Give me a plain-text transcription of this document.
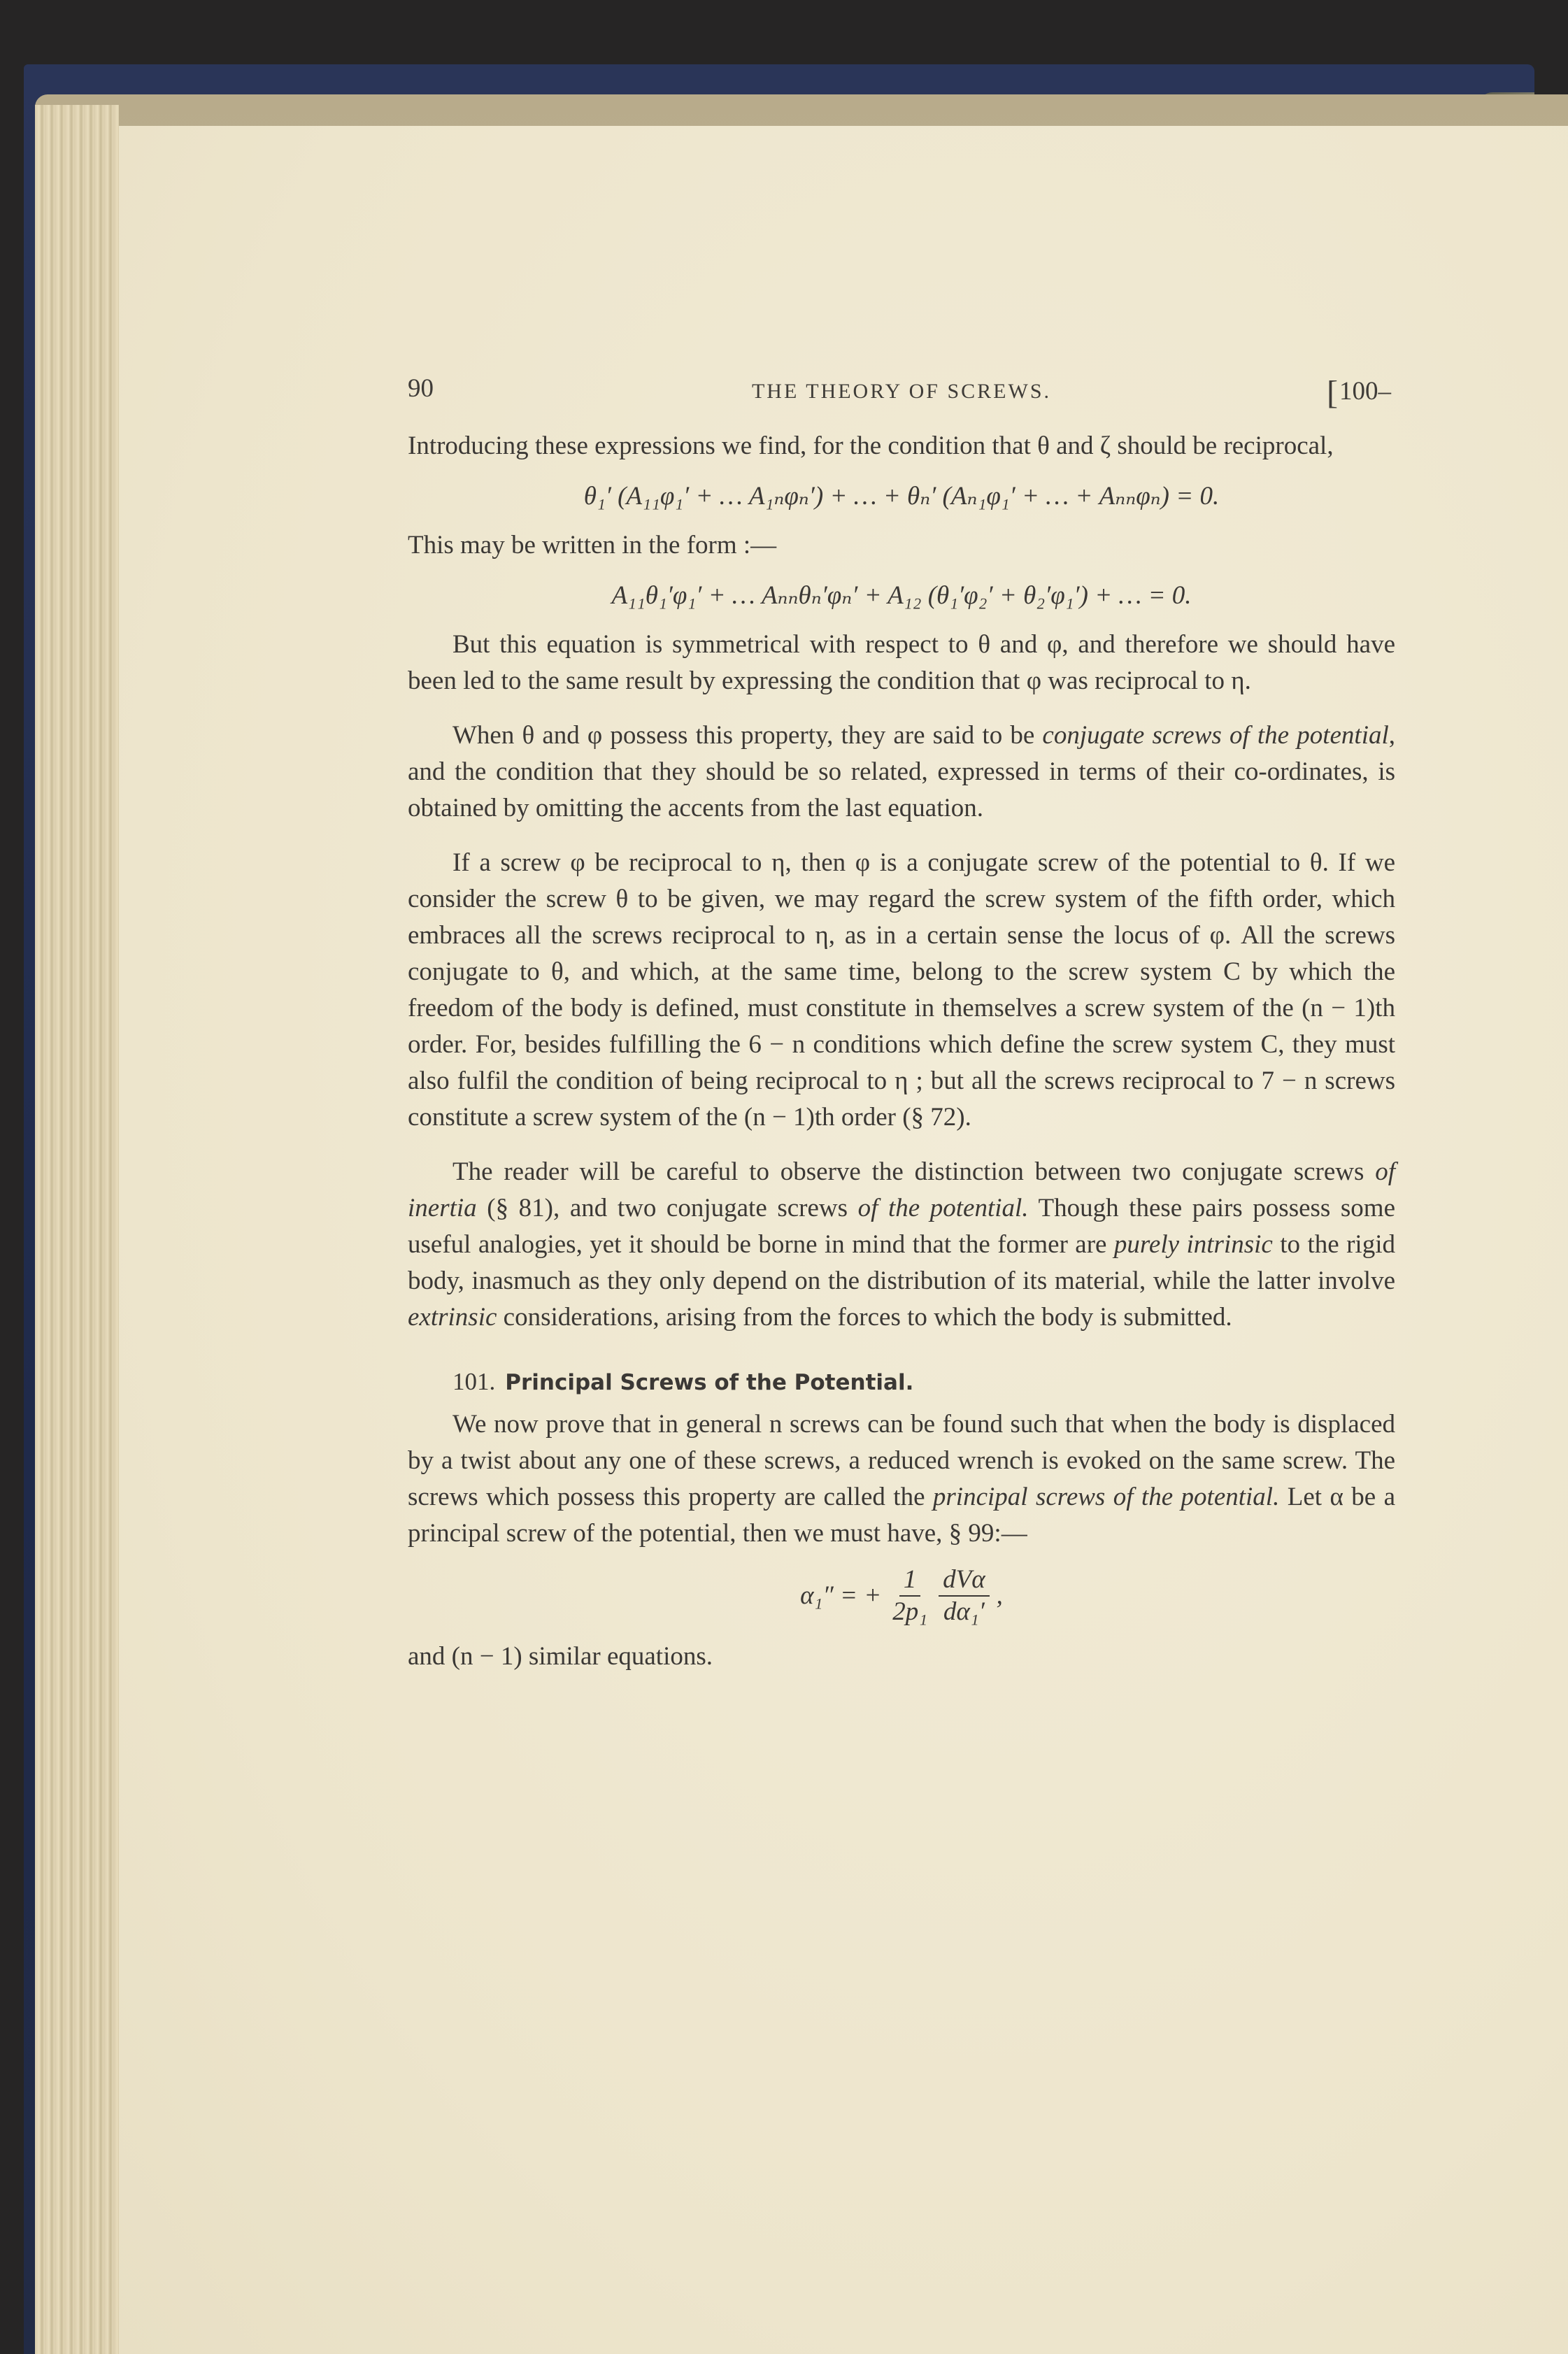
90	THE THEORY OF SCREWS.	[100–

Introducing these expressions we find, for the condition that θ and ζ should be reciprocal,

θ₁′ (A₁₁φ₁′ + … A₁ₙφₙ′) + … + θₙ′ (Aₙ₁φ₁′ + … + Aₙₙφₙ) = 0.

This may be written in the form :—

A₁₁θ₁′φ₁′ + … Aₙₙθₙ′φₙ′ + A₁₂ (θ₁′φ₂′ + θ₂′φ₁′) + … = 0.

But this equation is symmetrical with respect to θ and φ, and therefore we should have been led to the same result by expressing the condition that φ was reciprocal to η.

When θ and φ possess this property, they are said to be conjugate screws of the potential, and the condition that they should be so related, expressed in terms of their co-ordinates, is obtained by omitting the accents from the last equation.

If a screw φ be reciprocal to η, then φ is a conjugate screw of the potential to θ. If we consider the screw θ to be given, we may regard the screw system of the fifth order, which embraces all the screws reciprocal to η, as in a certain sense the locus of φ. All the screws conjugate to θ, and which, at the same time, belong to the screw system C by which the freedom of the body is defined, must constitute in themselves a screw system of the (n − 1)th order. For, besides fulfilling the 6 − n conditions which define the screw system C, they must also fulfil the condition of being reciprocal to η ; but all the screws reciprocal to 7 − n screws constitute a screw system of the (n − 1)th order (§ 72).

The reader will be careful to observe the distinction between two conjugate screws of inertia (§ 81), and two conjugate screws of the potential. Though these pairs possess some useful analogies, yet it should be borne in mind that the former are purely intrinsic to the rigid body, inasmuch as they only depend on the distribution of its material, while the latter involve extrinsic considerations, arising from the forces to which the body is submitted.

101. Principal Screws of the Potential.

We now prove that in general n screws can be found such that when the body is displaced by a twist about any one of these screws, a reduced wrench is evoked on the same screw. The screws which possess this property are called the principal screws of the potential. Let α be a principal screw of the potential, then we must have, § 99:—

α₁″ = + $\frac{1}{\text{2p₁}} \frac{\text{dVα}}{\text{dα₁′}}$ ,

and (n − 1) similar equations.
